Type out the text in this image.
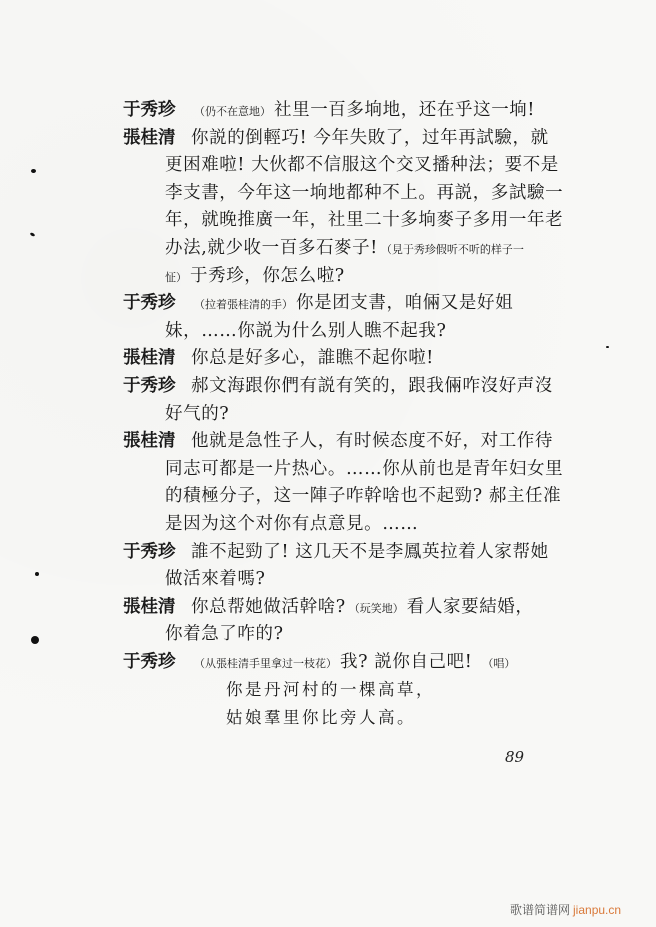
于秀珍 （仍不在意地） 社里一百多垧地，还在乎这一垧!
張桂清 你説的倒輕巧! 今年失敗了，过年再試驗，就
更困难啦! 大伙都不信服这个交叉播种法；要不是
李支書，今年这一垧地都种不上。再説，多試驗一
年，就晚推廣一年，社里二十多垧麥子多用一年老
办法,就少收一百多石麥子! （見于秀珍假听不听的样子一
怔） 于秀珍，你怎么啦?
于秀珍 （拉着張桂清的手） 你是团支書，咱倆又是好姐
妹，……你説为什么别人瞧不起我?
張桂清 你总是好多心，誰瞧不起你啦!
于秀珍 郝文海跟你們有説有笑的，跟我倆咋沒好声沒
好气的?
張桂清 他就是急性子人，有时候态度不好，对工作待
同志可都是一片热心。……你从前也是青年妇女里
的積極分子，这一陣子咋幹啥也不起勁? 郝主任准
是因为这个对你有点意見。……
于秀珍 誰不起勁了! 这几天不是李鳳英拉着人家帮她
做活來着嗎?
張桂清 你总帮她做活幹啥? （玩笑地） 看人家要結婚，
你着急了咋的?
于秀珍 （从張桂清手里拿过一枝花） 我? 説你自己吧! （唱）
你是丹河村的一棵高草，
姑娘羣里你比旁人高。
89
歌谱简谱网 jianpu.cn
